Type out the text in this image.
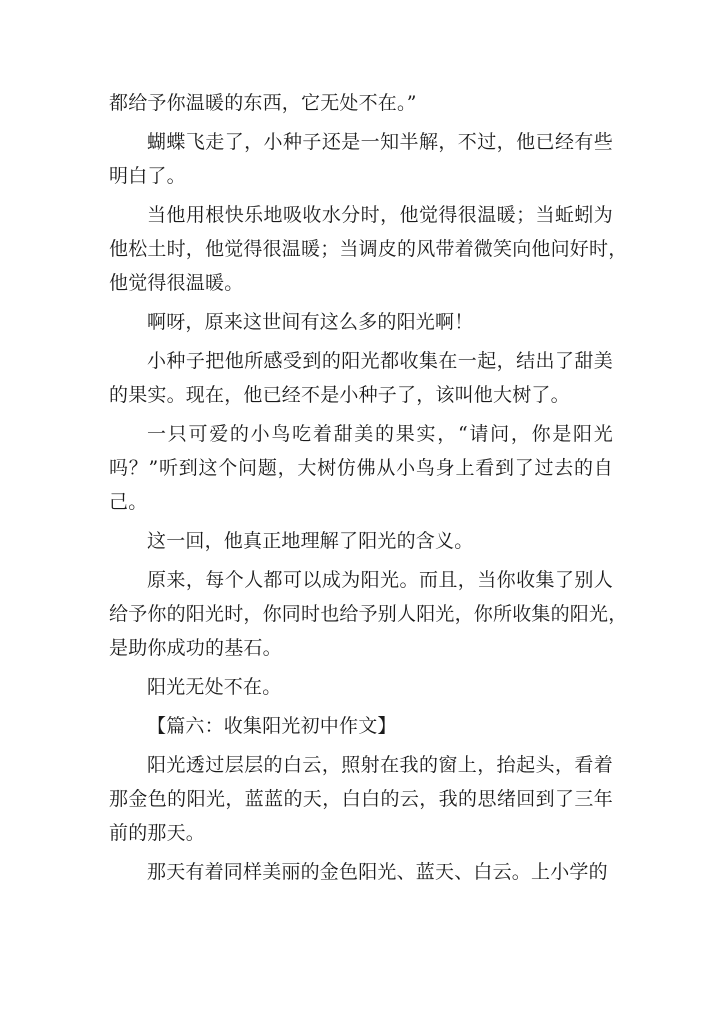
都给予你温暖的东西，它无处不在。”
蝴蝶飞走了，小种子还是一知半解，不过，他已经有些
明白了。
当他用根快乐地吸收水分时，他觉得很温暖；当蚯蚓为
他松土时，他觉得很温暖；当调皮的风带着微笑向他问好时，
他觉得很温暖。
啊呀，原来这世间有这么多的阳光啊！
小种子把他所感受到的阳光都收集在一起，结出了甜美
的果实。现在，他已经不是小种子了，该叫他大树了。
一只可爱的小鸟吃着甜美的果实，“请问，你是阳光
吗？”听到这个问题，大树仿佛从小鸟身上看到了过去的自
己。
这一回，他真正地理解了阳光的含义。
原来，每个人都可以成为阳光。而且，当你收集了别人
给予你的阳光时，你同时也给予别人阳光，你所收集的阳光，
是助你成功的基石。
阳光无处不在。
【篇六：收集阳光初中作文】
阳光透过层层的白云，照射在我的窗上，抬起头，看着
那金色的阳光，蓝蓝的天，白白的云，我的思绪回到了三年
前的那天。
那天有着同样美丽的金色阳光、蓝天、白云。上小学的
